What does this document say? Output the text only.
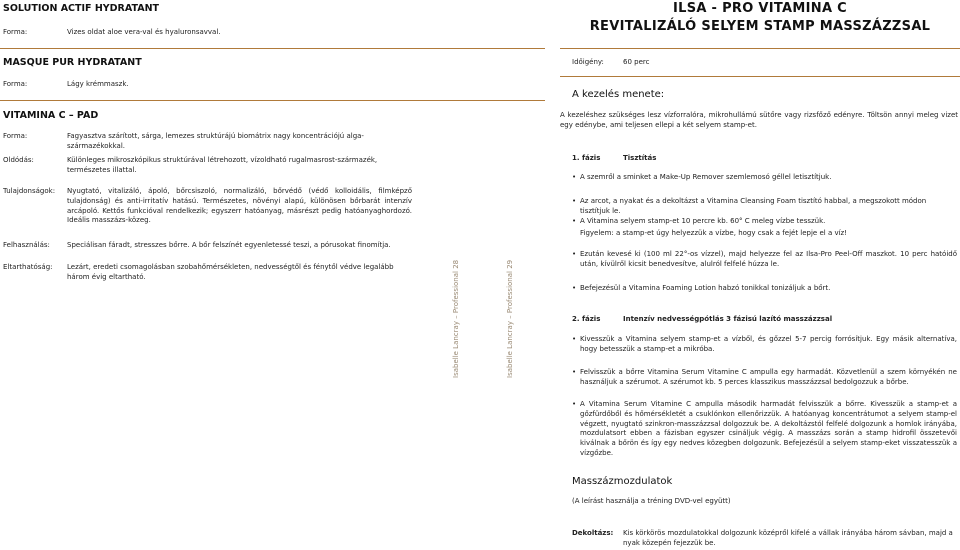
SOLUTION ACTIF HYDRATANT
Forma:	Vizes oldat aloe vera-val és hyaluronsavval.
MASQUE PUR HYDRATANT
Forma:	Lágy krémmaszk.
VITAMINA C – PAD
Forma:	Fagyasztva szárított, sárga, lemezes struktúrájú biomátrix nagy koncentrációjú alga-származékokkal.
Oldódás:	Különleges mikroszkópikus struktúrával létrehozott, vízoldható rugalmasrost-származék, természetes illattal.
Tulajdonságok: Nyugtató, vitalizáló, ápoló, bőrcsiszoló, normalizáló, bőrvédő (védő kolloidális, filmképző tulajdonság) és anti-irritatív hatású. Természetes, növényi alapú, különösen bőrbarát intenzív arcápoló. Kettős funkcióval rendelkezik; egyszerr hatóanyag, másrészt pedig hatóanyaghordozó. Ideális masszázs-közeg.
Felhasználás: Speciálisan fáradt, stresszes bőrre. A bőr felszínét egyenletessé teszi, a pórusokat finomítja.
Eltarthatóság: Lezárt, eredeti csomagolásban szobahőmérsékleten, nedvességtől és fénytől védve legalább három évig eltartható.	Isabelle Lancray – Professional 28	Isabelle Lancray – Professional 29
ILSA - PRO VITAMINA C
REVITALIZÁLÓ SELYEM STAMP MASSZÁZZSAL
Időigény:	60 perc
A kezelés menete:
A kezeléshez szükséges lesz vízforralóra, mikrohullámú sütőre vagy rizsfőző edényre. Töltsön annyi meleg vizet egy edénybe, ami teljesen ellepi a két selyem stamp-et.
1. fázis	Tisztítás
• A szemről a sminket a Make-Up Remover szemlemosó géllel letisztítjuk.
• Az arcot, a nyakat és a dekoltázst a Vitamina Cleansing Foam tisztító habbal, a megszokott módon tisztítjuk le.
• A Vitamina selyem stamp-et 10 percre kb. 60° C meleg vízbe tesszük.
Figyelem: a stamp-et úgy helyezzük a vízbe, hogy csak a fejét lepje el a víz!
• Ezután kevesé ki (100 ml 22°-os vízzel), majd helyezze fel az Ilsa-Pro Peel-Off maszkot. 10 perc hatóidő után, kívülről kicsit benedvesítve, alulról felfelé húzza le.
• Befejezésül a Vitamina Foaming Lotion habzó tonikkal tonizáljuk a bőrt.
2. fázis	Intenzív nedvességpótlás 3 fázisú lazító masszázzsal
• Kivesszük a Vitamina selyem stamp-et a vízből, és gőzzel 5-7 percig forrósítjuk. Egy másik alternatíva, hogy betesszük a stamp-et a mikróba.
• Felvisszük a bőrre Vitamina Serum Vitamine C ampulla egy harmadát. Közvetlenül a szem környékén ne használjuk a szérumot. A szérumot kb. 5 perces klasszikus masszázzsal bedolgozzuk a bőrbe.
• A Vitamina Serum Vitamine C ampulla második harmadát felvisszük a bőrre. Kivesszük a stamp-et a gőzfürdőből és hőmérsékletét a csuklónkon ellenőrizzük. A hatóanyag koncentrátumot a selyem stamp-el végzett, nyugtató szinkron-masszázzsal dolgozzuk be. A dekoltázstól felfelé dolgozunk a homlok irányába, mozdulatsort ebben a fázisban egyszer csináljuk végig. A masszázs során a stamp hidrofil összetevői kiválnak a bőrön és így egy nedves közegben dolgozunk. Befejezésül a selyem stamp-eket visszatesszük a vízgőzbe.
Masszázmozdulatok
(A leírást használja a tréning DVD-vel együtt)
Dekoltázs: Kis körkörös mozdulatokkal dolgozunk középről kifelé a vállak irányába három sávban, majd a nyak közepén fejezzük be.
